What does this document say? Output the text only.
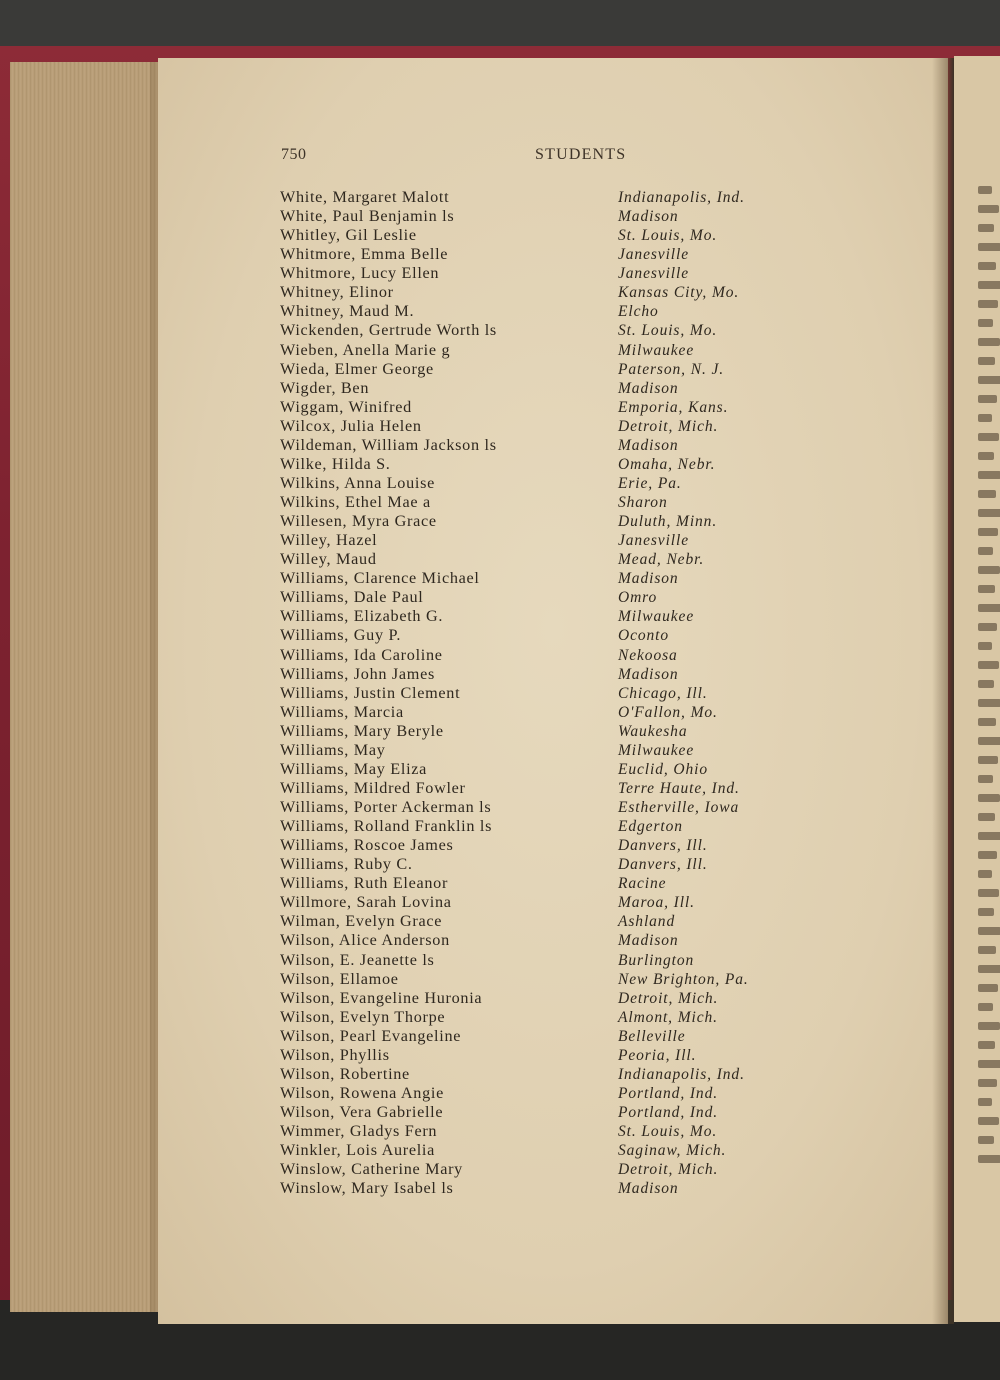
750	STUDENTS
White, Margaret Malott	Indianapolis, Ind.
White, Paul Benjamin ls	Madison
Whitley, Gil Leslie	St. Louis, Mo.
Whitmore, Emma Belle	Janesville
Whitmore, Lucy Ellen	Janesville
Whitney, Elinor	Kansas City, Mo.
Whitney, Maud M.	Elcho
Wickenden, Gertrude Worth ls	St. Louis, Mo.
Wieben, Anella Marie g	Milwaukee
Wieda, Elmer George	Paterson, N. J.
Wigder, Ben	Madison
Wiggam, Winifred	Emporia, Kans.
Wilcox, Julia Helen	Detroit, Mich.
Wildeman, William Jackson ls	Madison
Wilke, Hilda S.	Omaha, Nebr.
Wilkins, Anna Louise	Erie, Pa.
Wilkins, Ethel Mae a	Sharon
Willesen, Myra Grace	Duluth, Minn.
Willey, Hazel	Janesville
Willey, Maud	Mead, Nebr.
Williams, Clarence Michael	Madison
Williams, Dale Paul	Omro
Williams, Elizabeth G.	Milwaukee
Williams, Guy P.	Oconto
Williams, Ida Caroline	Nekoosa
Williams, John James	Madison
Williams, Justin Clement	Chicago, Ill.
Williams, Marcia	O'Fallon, Mo.
Williams, Mary Beryle	Waukesha
Williams, May	Milwaukee
Williams, May Eliza	Euclid, Ohio
Williams, Mildred Fowler	Terre Haute, Ind.
Williams, Porter Ackerman ls	Estherville, Iowa
Williams, Rolland Franklin ls	Edgerton
Williams, Roscoe James	Danvers, Ill.
Williams, Ruby C.	Danvers, Ill.
Williams, Ruth Eleanor	Racine
Willmore, Sarah Lovina	Maroa, Ill.
Wilman, Evelyn Grace	Ashland
Wilson, Alice Anderson	Madison
Wilson, E. Jeanette ls	Burlington
Wilson, Ellamoe	New Brighton, Pa.
Wilson, Evangeline Huronia	Detroit, Mich.
Wilson, Evelyn Thorpe	Almont, Mich.
Wilson, Pearl Evangeline	Belleville
Wilson, Phyllis	Peoria, Ill.
Wilson, Robertine	Indianapolis, Ind.
Wilson, Rowena Angie	Portland, Ind.
Wilson, Vera Gabrielle	Portland, Ind.
Wimmer, Gladys Fern	St. Louis, Mo.
Winkler, Lois Aurelia	Saginaw, Mich.
Winslow, Catherine Mary	Detroit, Mich.
Winslow, Mary Isabel ls	Madison
